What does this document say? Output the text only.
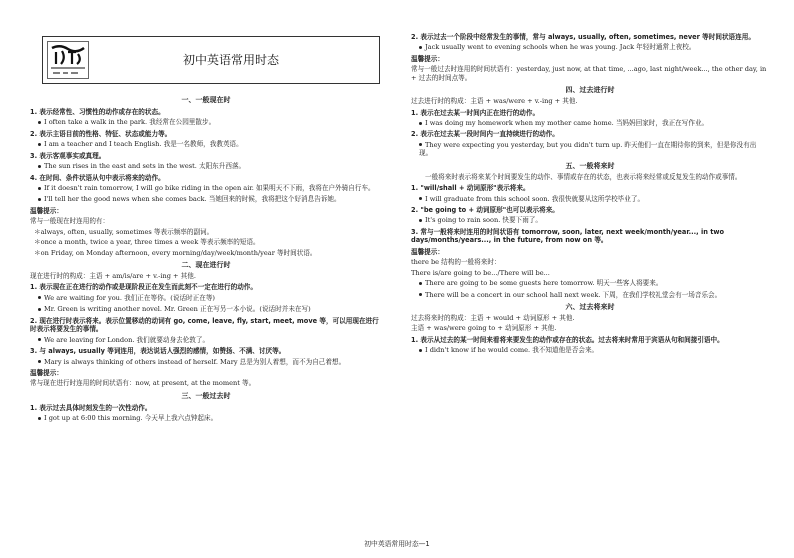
初中英语常用时态
一、一般现在时
1. 表示经常性、习惯性的动作或存在的状态。
I often take a walk in the park. 我经常在公园里散步。
2. 表示主语目前的性格、特征、状态或能力等。
I am a teacher and I teach English. 我是一名教师，我教英语。
3. 表示客观事实或真理。
The sun rises in the east and sets in the west. 太阳东升西落。
4. 在时间、条件状语从句中表示将来的动作。
If it doesn't rain tomorrow, I will go bike riding in the open air. 如果明天不下雨，我将在户外骑自行车。
I'll tell her the good news when she comes back. 当她回来的时候，我将把这个好消息告诉她。
温馨提示：
常与一般现在时连用的有：
＊always, often, usually, sometimes 等表示频率的副词。
＊once a month, twice a year, three times a week 等表示频率的短语。
＊on Friday, on Monday afternoon, every morning/day/week/month/year 等时间状语。
二、现在进行时
现在进行时的构成：主语 + am/is/are + v.-ing + 其他.
1. 表示现在正在进行的动作或是现阶段正在发生而此刻不一定在进行的动作。
We are waiting for you. 我们正在等你。(说话时正在等)
Mr. Green is writing another novel. Mr. Green 正在写另一本小说。(说话时并未在写)
2. 现在进行时表示将来。表示位置移动的动词有 go, come, leave, fly, start, meet, move 等，可以用现在进行时表示将要发生的事情。
We are leaving for London. 我们就要动身去伦敦了。
3. 与 always, usually 等词连用，表达说话人强烈的感情，如赞扬、不满、讨厌等。
Mary is always thinking of others instead of herself. Mary 总是为别人着想，而不为自己着想。
温馨提示：
常与现在进行时连用的时间状语有：now, at present, at the moment 等。
三、一般过去时
1. 表示过去具体时刻发生的一次性动作。
I got up at 6:00 this morning. 今天早上我六点钟起床。
2. 表示过去一个阶段中经常发生的事情，常与 always, usually, often, sometimes, never 等时间状语连用。
Jack usually went to evening schools when he was young. Jack 年轻时通常上夜校。
温馨提示：
常与一般过去时连用的时间状语有：yesterday, just now, at that time, ...ago, last night/week..., the other day, in + 过去的时间点等。
四、过去进行时
过去进行时的构成：主语 + was/were + v.-ing + 其他.
1. 表示在过去某一时间内正在进行的动作。
I was doing my homework when my mother came home. 当妈妈回家时，我正在写作业。
2. 表示在过去某一段时间内一直持续进行的动作。
They were expecting you yesterday, but you didn't turn up. 昨天他们一直在期待你的到来，但是你没有出现。
五、一般将来时
一般将来时表示将来某个时间要发生的动作、事情或存在的状态，也表示将来经常或反复发生的动作或事情。
1. "will/shall + 动词原形"表示将来。
I will graduate from this school soon. 我很快就要从这所学校毕业了。
2. "be going to + 动词原形"也可以表示将来。
It's going to rain soon. 快要下雨了。
3. 常与一般将来时连用的时间状语有 tomorrow, soon, later, next week/month/year..., in two days/months/years..., in the future, from now on 等。
温馨提示：
there be 结构的一般将来时：
There is/are going to be.../There will be...
There are going to be some guests here tomorrow. 明天一些客人将要来。
There will be a concert in our school hall next week. 下周，在我们学校礼堂会有一场音乐会。
六、过去将来时
过去将来时的构成：主语 + would + 动词原形 + 其他.
主语 + was/were going to + 动词原形 + 其他.
1. 表示从过去的某一时间来看将来要发生的动作或存在的状态。过去将来时常用于宾语从句和间接引语中。
I didn't know if he would come. 我不知道他是否会来。
初中英语常用时态—1
